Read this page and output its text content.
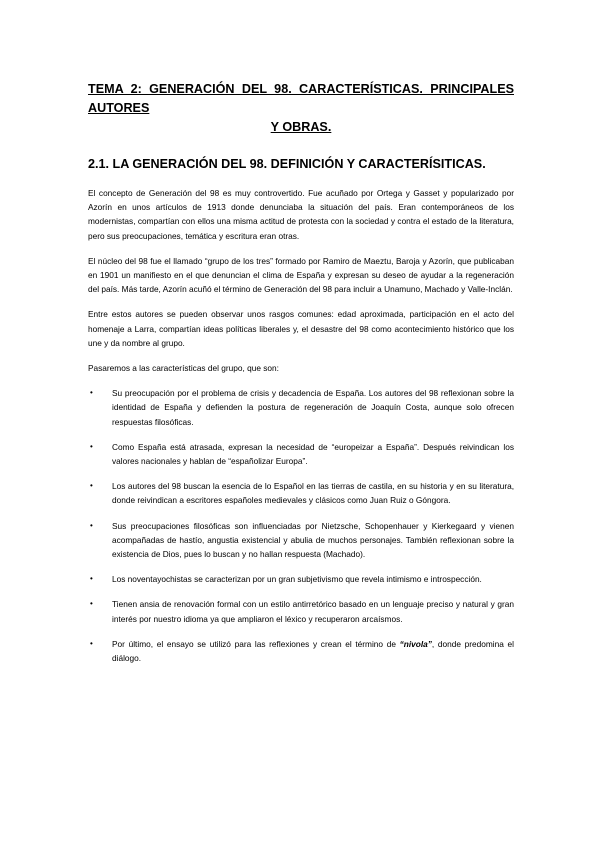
TEMA 2: GENERACIÓN DEL 98. CARACTERÍSTICAS. PRINCIPALES AUTORES
Y OBRAS.
2.1. LA GENERACIÓN DEL 98. DEFINICIÓN Y CARACTERÍSITICAS.

El concepto de Generación del 98 es muy controvertido. Fue acuñado por Ortega y Gasset y popularizado por Azorín en unos artículos de 1913 donde denunciaba la situación del país. Eran contemporáneos de los modernistas, compartían con ellos una misma actitud de protesta con la sociedad y contra el estado de la literatura, pero sus preocupaciones, temática y escritura eran otras.

El núcleo del 98 fue el llamado “grupo de los tres” formado por Ramiro de Maeztu, Baroja y Azorín, que publicaban en 1901 un manifiesto en el que denuncian el clima de España y expresan su deseo de ayudar a la regeneración del país. Más tarde, Azorín acuñó el término de Generación del 98 para incluir a Unamuno, Machado y Valle-Inclán.

Entre estos autores se pueden observar unos rasgos comunes: edad aproximada, participación en el acto del homenaje a Larra, compartían ideas políticas liberales y, el desastre del 98 como acontecimiento histórico que los une y da nombre al grupo.

Pasaremos a las características del grupo, que son:

• Su preocupación por el problema de crisis y decadencia de España. Los autores del 98 reflexionan sobre la identidad de España y defienden la postura de regeneración de Joaquín Costa, aunque solo ofrecen respuestas filosóficas.
• Como España está atrasada, expresan la necesidad de “europeizar a España”. Después reivindican los valores nacionales y hablan de “españolizar Europa”.
• Los autores del 98 buscan la esencia de lo Español en las tierras de castila, en su historia y en su literatura, donde reivindican a escritores españoles medievales y clásicos como Juan Ruiz o Góngora.
• Sus preocupaciones filosóficas son influenciadas por Nietzsche, Schopenhauer y Kierkegaard y vienen acompañadas de hastío, angustia existencial y abulia de muchos personajes. También reflexionan sobre la existencia de Dios, pues lo buscan y no hallan respuesta (Machado).
• Los noventayochistas se caracterizan por un gran subjetivismo que revela intimismo e introspección.
• Tienen ansia de renovación formal con un estilo antirretórico basado en un lenguaje preciso y natural y gran interés por nuestro idioma ya que ampliaron el léxico y recuperaron arcaísmos.
• Por último, el ensayo se utilizó para las reflexiones y crean el término de “nivola”, donde predomina el diálogo.
